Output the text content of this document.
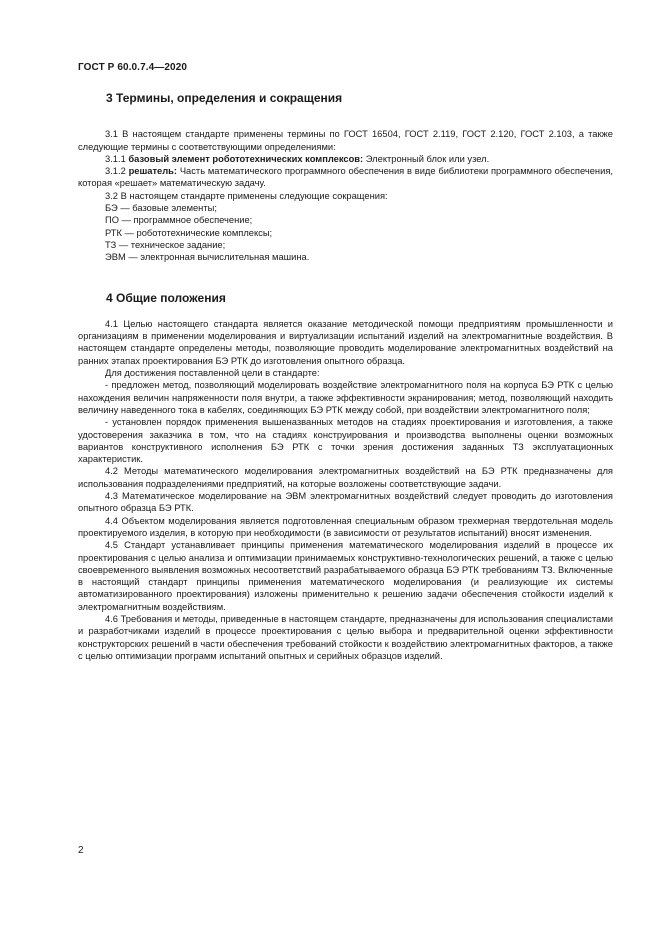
ГОСТ Р 60.0.7.4—2020
3 Термины, определения и сокращения

3.1 В настоящем стандарте применены термины по ГОСТ 16504, ГОСТ 2.119, ГОСТ 2.120, ГОСТ 2.103, а также следующие термины с соответствующими определениями:

3.1.1 базовый элемент робототехнических комплексов: Электронный блок или узел.

3.1.2 решатель: Часть математического программного обеспечения в виде библиотеки программного обеспечения, которая «решает» математическую задачу.

3.2 В настоящем стандарте применены следующие сокращения:

БЭ — базовые элементы;

ПО — программное обеспечение;

РТК — робототехнические комплексы;

ТЗ — техническое задание;

ЭВМ — электронная вычислительная машина.

4 Общие положения

4.1 Целью настоящего стандарта является оказание методической помощи предприятиям промышленности и организациям в применении моделирования и виртуализации испытаний изделий на электромагнитные воздействия. В настоящем стандарте определены методы, позволяющие проводить моделирование электромагнитных воздействий на ранних этапах проектирования БЭ РТК до изготовления опытного образца.

Для достижения поставленной цели в стандарте:

- предложен метод, позволяющий моделировать воздействие электромагнитного поля на корпуса БЭ РТК с целью нахождения величин напряженности поля внутри, а также эффективности экранирования; метод, позволяющий находить величину наведенного тока в кабелях, соединяющих БЭ РТК между собой, при воздействии электромагнитного поля;

- установлен порядок применения вышеназванных методов на стадиях проектирования и изготовления, а также удостоверения заказчика в том, что на стадиях конструирования и производства выполнены оценки возможных вариантов конструктивного исполнения БЭ РТК с точки зрения достижения заданных ТЗ эксплуатационных характеристик.

4.2 Методы математического моделирования электромагнитных воздействий на БЭ РТК предназначены для использования подразделениями предприятий, на которые возложены соответствующие задачи.

4.3 Математическое моделирование на ЭВМ электромагнитных воздействий следует проводить до изготовления опытного образца БЭ РТК.

4.4 Объектом моделирования является подготовленная специальным образом трехмерная твердотельная модель проектируемого изделия, в которую при необходимости (в зависимости от результатов испытаний) вносят изменения.

4.5 Стандарт устанавливает принципы применения математического моделирования изделий в процессе их проектирования с целью анализа и оптимизации принимаемых конструктивно-технологических решений, а также с целью своевременного выявления возможных несоответствий разрабатываемого образца БЭ РТК требованиям ТЗ. Включенные в настоящий стандарт принципы применения математического моделирования (и реализующие их системы автоматизированного проектирования) изложены применительно к решению задачи обеспечения стойкости изделий к электромагнитным воздействиям.

4.6 Требования и методы, приведенные в настоящем стандарте, предназначены для использования специалистами и разработчиками изделий в процессе проектирования с целью выбора и предварительной оценки эффективности конструкторских решений в части обеспечения требований стойкости к воздействию электромагнитных факторов, а также с целью оптимизации программ испытаний опытных и серийных образцов изделий.

2
